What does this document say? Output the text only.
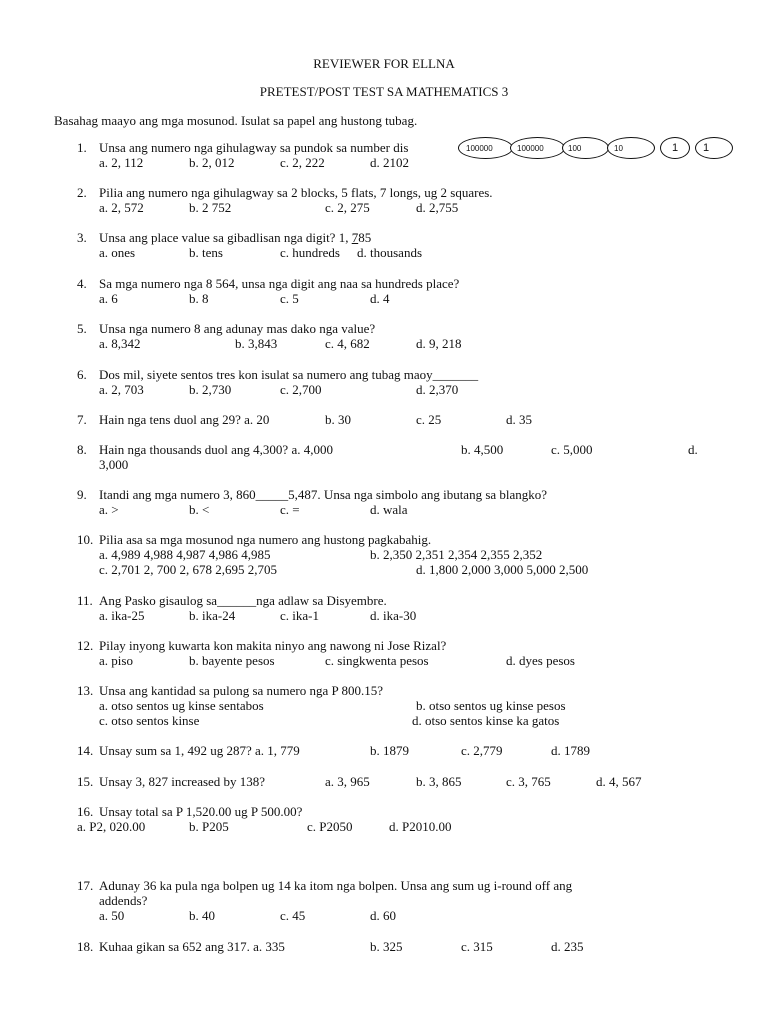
REVIEWER FOR ELLNA
PRETEST/POST TEST SA MATHEMATICS 3
Basahag maayo ang mga mosunod. Isulat sa papel ang hustong tubag.
1. Unsa ang numero nga gihulagway sa pundok sa number dis
a. 2, 112	b. 2, 012	c. 2, 222	d. 2102
100000	100000	100	10	1 1
2. Pilia ang numero nga gihulagway sa 2 blocks, 5 flats, 7 longs, ug 2 squares.
a. 2, 572	b. 2 752	c. 2, 275	d. 2,755
3. Unsa ang place value sa gibadlisan nga digit? 1, 785
a. ones	b. tens	c. hundreds d. thousands
4. Sa mga numero nga 8 564, unsa nga digit ang naa sa hundreds place?
a. 6	b. 8	c. 5	d. 4
5. Unsa nga numero 8 ang adunay mas dako nga value?
a. 8,342	b. 3,843	c. 4, 682	d. 9, 218
6. Dos mil, siyete sentos tres kon isulat sa numero ang tubag maoy_______
a. 2, 703	b. 2,730	c. 2,700	d. 2,370
7. Hain nga tens duol ang 29? a. 20	b. 30	c. 25	d. 35
8. Hain nga thousands duol ang 4,300? a. 4,000	b. 4,500	c. 5,000	d.
3,000
9. Itandi ang mga numero 3, 860_____5,487. Unsa nga simbolo ang ibutang sa blangko?
a. >	b. <	c. =	d. wala
10. Pilia asa sa mga mosunod nga numero ang hustong pagkabahig.
a. 4,989 4,988 4,987 4,986 4,985	b. 2,350 2,351 2,354 2,355 2,352
c. 2,701 2, 700 2, 678 2,695 2,705	d. 1,800 2,000 3,000 5,000 2,500
11. Ang Pasko gisaulog sa______nga adlaw sa Disyembre.
a. ika-25	b. ika-24	c. ika-1	d. ika-30
12. Pilay inyong kuwarta kon makita ninyo ang nawong ni Jose Rizal?
a. piso	b. bayente pesos	c. singkwenta pesos	d. dyes pesos
13. Unsa ang kantidad sa pulong sa numero nga P 800.15?
a. otso sentos ug kinse sentabos	b. otso sentos ug kinse pesos
c. otso sentos kinse	d. otso sentos kinse ka gatos
14. Unsay sum sa 1, 492 ug 287? a. 1, 779	b. 1879	c. 2,779	d. 1789
15. Unsay 3, 827 increased by 138?	a. 3, 965	b. 3, 865	c. 3, 765	d. 4, 567
16. Unsay total sa P 1,520.00 ug P 500.00?
a. P2, 020.00	b. P205	c. P2050	d. P2010.00
17. Adunay 36 ka pula nga bolpen ug 14 ka itom nga bolpen. Unsa ang sum ug i-round off ang
addends?
a. 50	b. 40	c. 45	d. 60
18. Kuhaa gikan sa 652 ang 317. a. 335	b. 325	c. 315	d. 235
